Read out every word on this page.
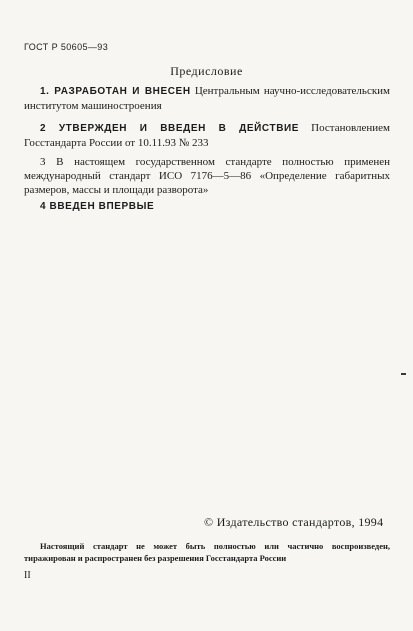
ГОСТ Р 50605—93
Предисловие

1. РАЗРАБОТАН И ВНЕСЕН Центральным научно-исследовательским институтом машиностроения

2 УТВЕРЖДЕН И ВВЕДЕН В ДЕЙСТВИЕ Постановлением Госстандарта России от 10.11.93 № 233

3 В настоящем государственном стандарте полностью применен международный стандарт ИСО 7176—5—86 «Определение габаритных размеров, массы и площади разворота»

4 ВВЕДЕН ВПЕРВЫЕ

© Издательство стандартов, 1994

Настоящий стандарт не может быть полностью или частично воспроизведен, тиражирован и распространен без разрешения Госстандарта России

II
